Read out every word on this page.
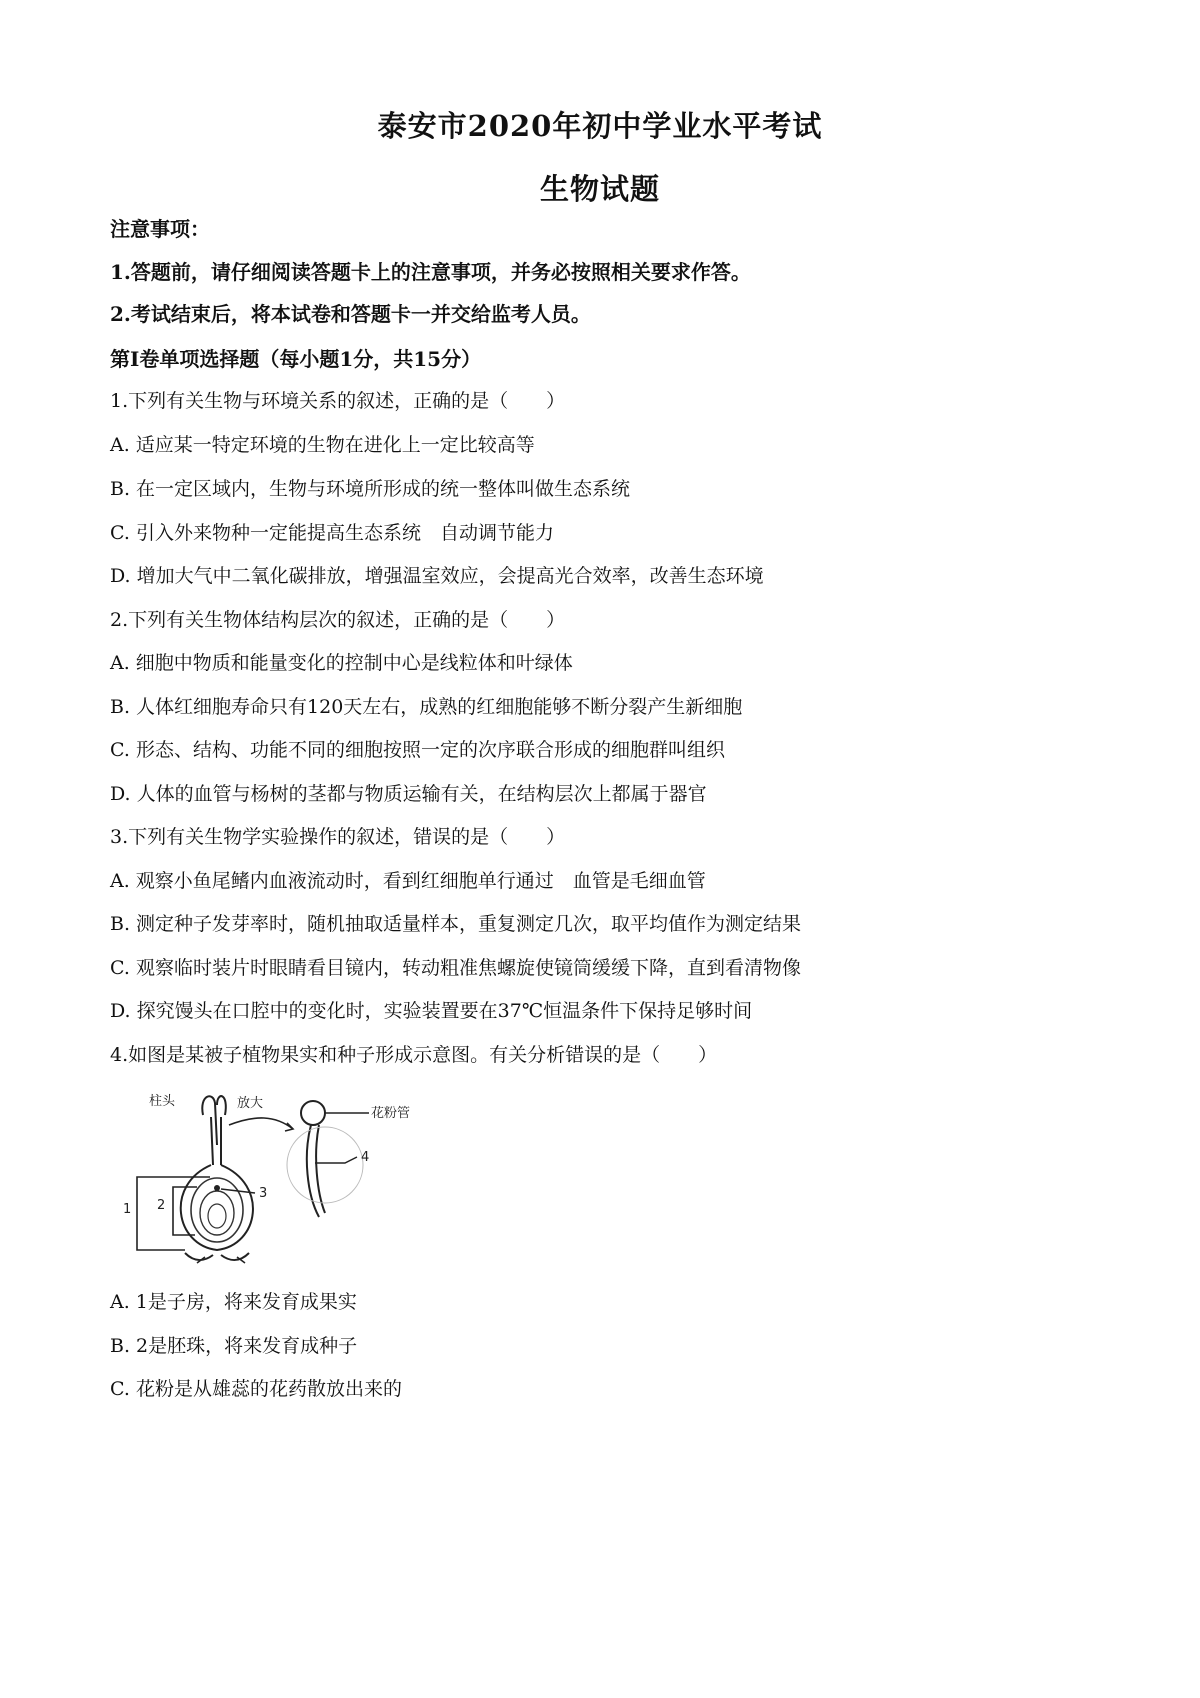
泰安市2020年初中学业水平考试
生物试题
注意事项：
1.答题前，请仔细阅读答题卡上的注意事项，并务必按照相关要求作答。
2.考试结束后，将本试卷和答题卡一并交给监考人员。
第Ⅰ卷单项选择题（每小题1分，共15分）
1.下列有关生物与环境关系的叙述，正确的是（　　）
A. 适应某一特定环境的生物在进化上一定比较高等
B. 在一定区域内，生物与环境所形成的统一整体叫做生态系统
C. 引入外来物种一定能提高生态系统　自动调节能力
D. 增加大气中二氧化碳排放，增强温室效应，会提高光合效率，改善生态环境
2.下列有关生物体结构层次的叙述，正确的是（　　）
A. 细胞中物质和能量变化的控制中心是线粒体和叶绿体
B. 人体红细胞寿命只有120天左右，成熟的红细胞能够不断分裂产生新细胞
C. 形态、结构、功能不同的细胞按照一定的次序联合形成的细胞群叫组织
D. 人体的血管与杨树的茎都与物质运输有关，在结构层次上都属于器官
3.下列有关生物学实验操作的叙述，错误的是（　　）
A. 观察小鱼尾鳍内血液流动时，看到红细胞单行通过　血管是毛细血管
B. 测定种子发芽率时，随机抽取适量样本，重复测定几次，取平均值作为测定结果
C. 观察临时装片时眼睛看目镜内，转动粗准焦螺旋使镜筒缓缓下降，直到看清物像
D. 探究馒头在口腔中的变化时，实验装置要在37℃恒温条件下保持足够时间
4.如图是某被子植物果实和种子形成示意图。有关分析错误的是（　　）
柱头	放大
花粉管
1 2
3
4
A. 1是子房，将来发育成果实
B. 2是胚珠，将来发育成种子
C. 花粉是从雄蕊的花药散放出来的
